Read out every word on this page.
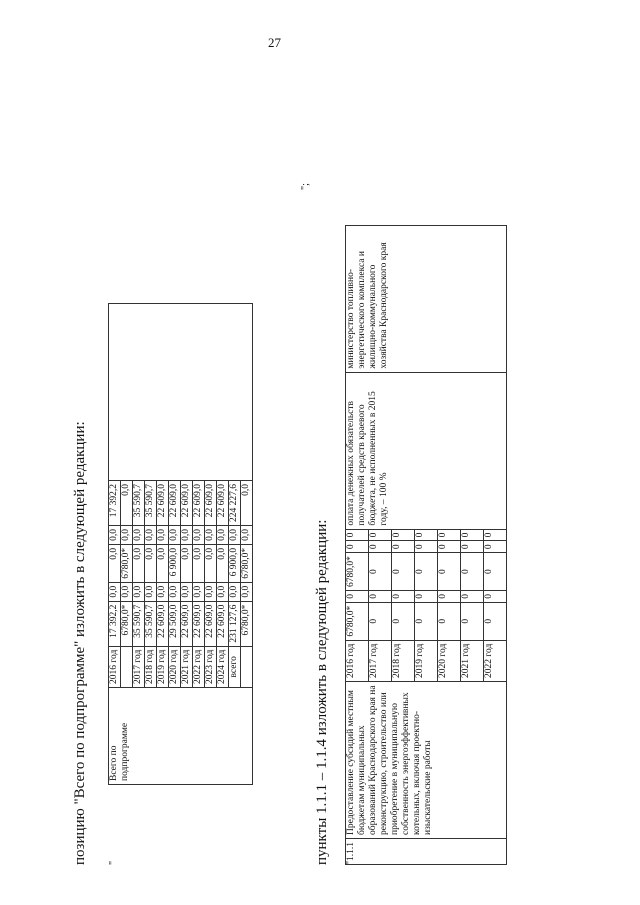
27
позицию "Всего по подпрограмме" изложить в следующей редакции: "
";
Всего по подпрограмме	2016 год	17 392,2	0,0	0,0	0,0	17 392,2	
		6780,0*	0,0	6780,0*	0,0	0,0	
	2017 год	35 590,7	0,0	0,0	0,0	35 590,7	
	2018 год	35 590,7	0,0	0,0	0,0	35 590,7	
	2019 год	22 609,0	0,0	0,0	0,0	22 609,0	
	2020 год	29 509,0	0,0	6 900,0	0,0	22 609,0	
	2021 год	22 609,0	0,0	0,0	0,0	22 609,0	
	2022 год	22 609,0	0,0	0,0	0,0	22 609,0	
	2023 год	22 609,0	0,0	0,0	0,0	22 609,0	
	2024 год	22 609,0	0,0	0,0	0,0	22 609,0	
	всего	231 127,6	0,0	6 900,0	0,0	224 227,6	
		6780,0*	0,0	6780,0*	0,0	0,0	
пункты 1.1.1 – 1.1.4 изложить в следующей редакции: "
1.1.1	Предоставление субсидий местным бюджетам муниципальных образований Краснодарского края на реконструкцию, строительство или приобретение в муниципальную собственность энергоэффективных котельных, включая проектно-изыскательские работы	2016 год	6780,0*	0	6780,0*	0	0	оплата денежных обязательств получателей средств краевого бюджета, не исполненных в 2015 году, – 100 %	министерство топливно-энергетического комплекса и жилищно-коммунального хозяйства Краснодарского края
		2017 год	0	0	0	0	0		
		2018 год	0	0	0	0	0		
		2019 год	0	0	0	0	0		
		2020 год	0	0	0	0	0		
		2021 год	0	0	0	0	0		
		2022 год	0	0	0	0	0		
